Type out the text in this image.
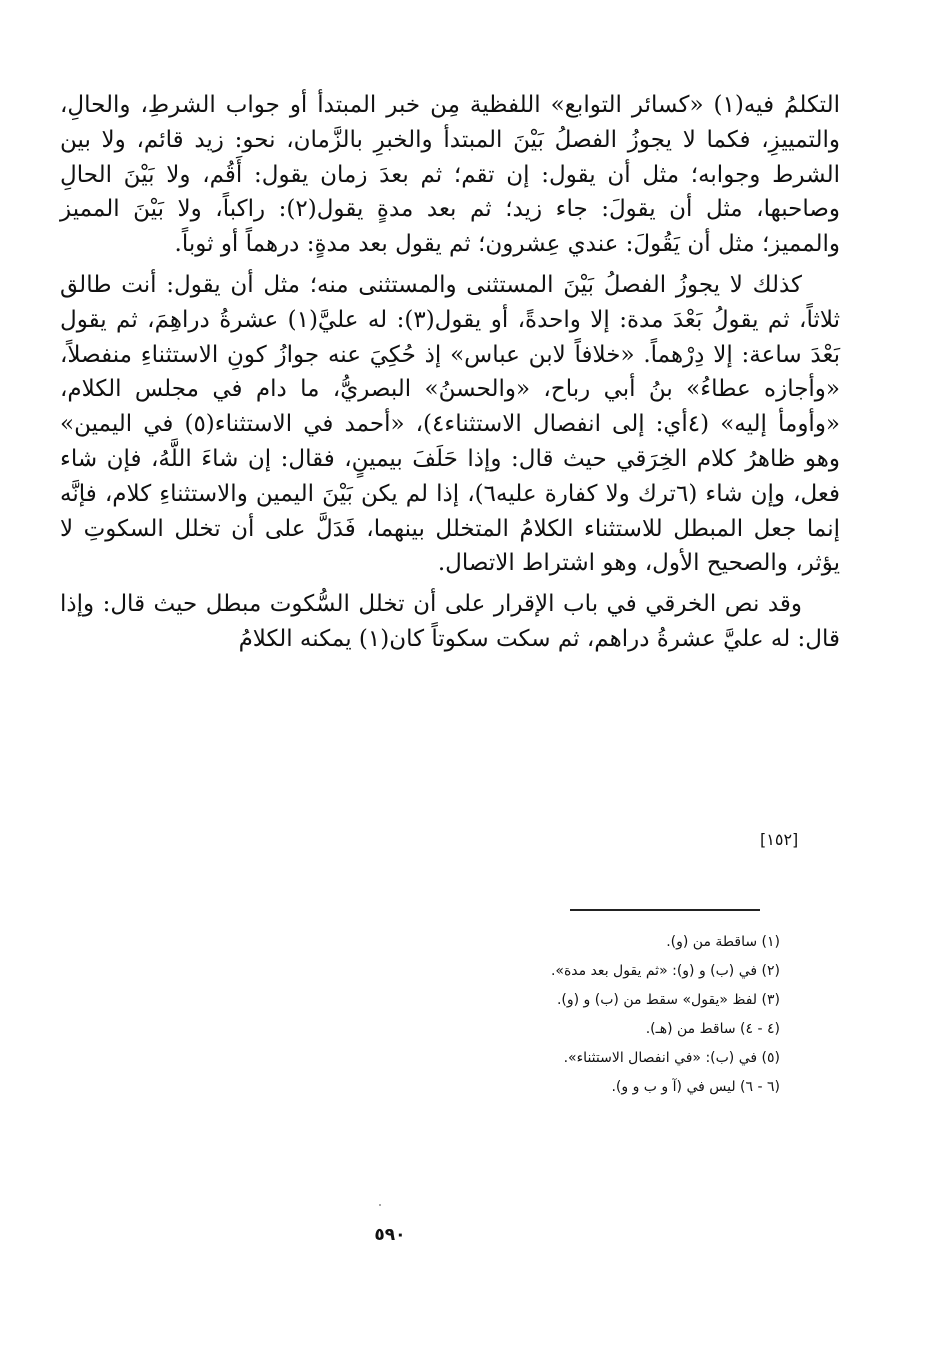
التكلمُ فيه(١) «كسائر التوابع» اللفظية مِن خبر المبتدأ أو جواب الشرطِ، والحالِ، والتمييزِ، فكما لا يجوزُ الفصلُ بَيْنَ المبتدأ والخبرِ بالزَّمان، نحو: زيد قائم، ولا بين الشرط وجوابه؛ مثل أن يقول: إن تقم؛ ثم بعدَ زمان يقول: أَقُم، ولا بَيْنَ الحالِ وصاحبها، مثل أن يقولَ: جاء زيد؛ ثم بعد مدةٍ يقول(٢): راكباً، ولا بَيْنَ المميز والمميز؛ مثل أن يَقُولَ: عندي عِشرون؛ ثم يقول بعد مدةٍ: درهماً أو ثوباً.

كذلك لا يجوزُ الفصلُ بَيْنَ المستثنى والمستثنى منه؛ مثل أن يقول: أنت طالق ثلاثاً، ثم يقولُ بَعْدَ مدة: إلا واحدةً، أو يقول(٣): له عليَّ(١) عشرةُ دراهِمَ، ثم يقول بَعْدَ ساعة: إلا دِرْهماً. «خلافاً لابن عباس» إذ حُكِيَ عنه جوازُ كونِ الاستثناءِ منفصلاً، «وأجازه عطاءُ» بنُ أبي رباح، «والحسنُ» البصريُّ، ما دام في مجلس الكلام، «وأومأ إليه» (٤أي: إلى انفصال الاستثناء٤)، «أحمد في الاستثناء(٥) في اليمين» وهو ظاهرُ كلام الخِرَقي حيث قال: وإذا حَلَفَ بيمينٍ، فقال: إن شاءَ اللَّهُ، فإن شاء فعل، وإن شاء (٦ترك ولا كفارة عليه٦)، إذا لم يكن بَيْنَ اليمين والاستثناءِ كلام، فإنَّه إنما جعل المبطل للاستثناء الكلامُ المتخلل بينهما، فَدَلَّ على أن تخلل السكوتِ لا يؤثر، والصحيح الأول، وهو اشتراط الاتصال.

وقد نص الخرقي في باب الإقرار على أن تخلل السُّكوت مبطل حيث قال: وإذا قال: له عليَّ عشرةُ دراهم، ثم سكت سكوتاً كان(١) يمكنه الكلامُ

[١٥٢]

(١) ساقطة من (و).

(٢) في (ب) و (و): «ثم يقول بعد مدة».

(٣) لفظ «يقول» سقط من (ب) و (و).

(٤ - ٤) ساقط من (هـ).

(٥) في (ب): «في انفصال الاستثناء».

(٦ - ٦) ليس في (آ و ب و و).

٥٩٠
